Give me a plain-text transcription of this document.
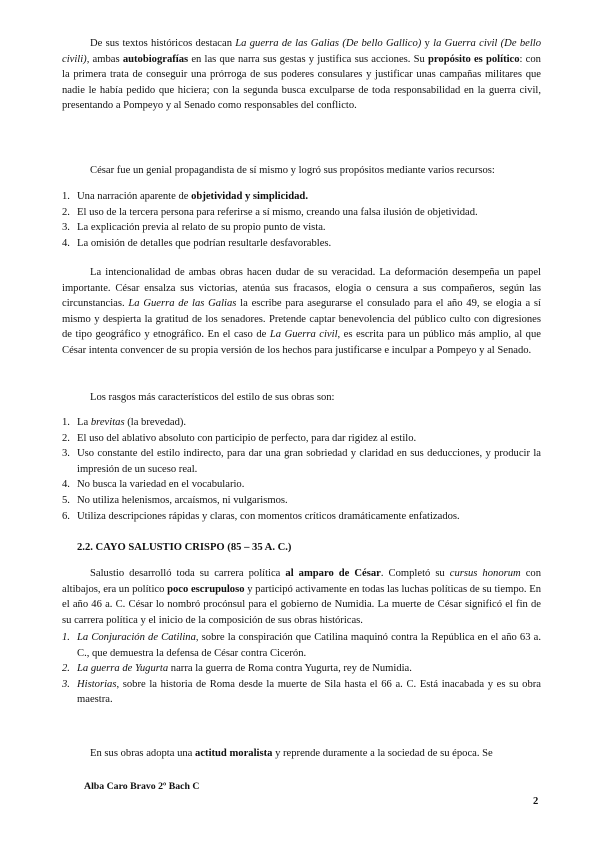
De sus textos históricos destacan La guerra de las Galias (De bello Gallico) y la Guerra civil (De bello civili), ambas autobiografías en las que narra sus gestas y justifica sus acciones. Su propósito es político: con la primera trata de conseguir una prórroga de sus poderes consulares y justificar unas campañas militares que nadie le había pedido que hiciera; con la segunda busca exculparse de toda responsabilidad en la guerra civil, presentando a Pompeyo y al Senado como responsables del conflicto.

César fue un genial propagandista de sí mismo y logró sus propósitos mediante varios recursos:

1. Una narración aparente de objetividad y simplicidad.
2. El uso de la tercera persona para referirse a sí mismo, creando una falsa ilusión de objetividad.
3. La explicación previa al relato de su propio punto de vista.
4. La omisión de detalles que podrían resultarle desfavorables.

La intencionalidad de ambas obras hacen dudar de su veracidad. La deformación desempeña un papel importante. César ensalza sus victorias, atenúa sus fracasos, elogia o censura a sus compañeros, según las circunstancias. La Guerra de las Galias la escribe para asegurarse el consulado para el año 49, se elogia a sí mismo y despierta la gratitud de los senadores. Pretende captar benevolencia del público culto con digresiones de tipo geográfico y etnográfico. En el caso de La Guerra civil, es escrita para un público más amplio, al que César intenta convencer de su propia versión de los hechos para justificarse e inculpar a Pompeyo y al Senado.

Los rasgos más característicos del estilo de sus obras son:

1. La brevitas (la brevedad).
2. El uso del ablativo absoluto con participio de perfecto, para dar rigidez al estilo.
3. Uso constante del estilo indirecto, para dar una gran sobriedad y claridad en sus deducciones, y producir la impresión de un suceso real.
4. No busca la variedad en el vocabulario.
5. No utiliza helenismos, arcaísmos, ni vulgarismos.
6. Utiliza descripciones rápidas y claras, con momentos críticos dramáticamente enfatizados.
2.2. CAYO SALUSTIO CRISPO (85 – 35 A. C.)

Salustio desarrolló toda su carrera política al amparo de César. Completó su cursus honorum con altibajos, era un político poco escrupuloso y participó activamente en todas las luchas políticas de su tiempo. En el año 46 a. C. César lo nombró procónsul para el gobierno de Numidia. La muerte de César significó el fin de su carrera política y el inicio de la composición de sus obras históricas.

1. La Conjuración de Catilina, sobre la conspiración que Catilina maquinó contra la República en el año 63 a. C., que demuestra la defensa de César contra Cicerón.
2. La guerra de Yugurta narra la guerra de Roma contra Yugurta, rey de Numidia.
3. Historias, sobre la historia de Roma desde la muerte de Sila hasta el 66 a. C. Está inacabada y es su obra maestra.

En sus obras adopta una actitud moralista y reprende duramente a la sociedad de su época. Se

Alba Caro Bravo 2º Bach C
2
